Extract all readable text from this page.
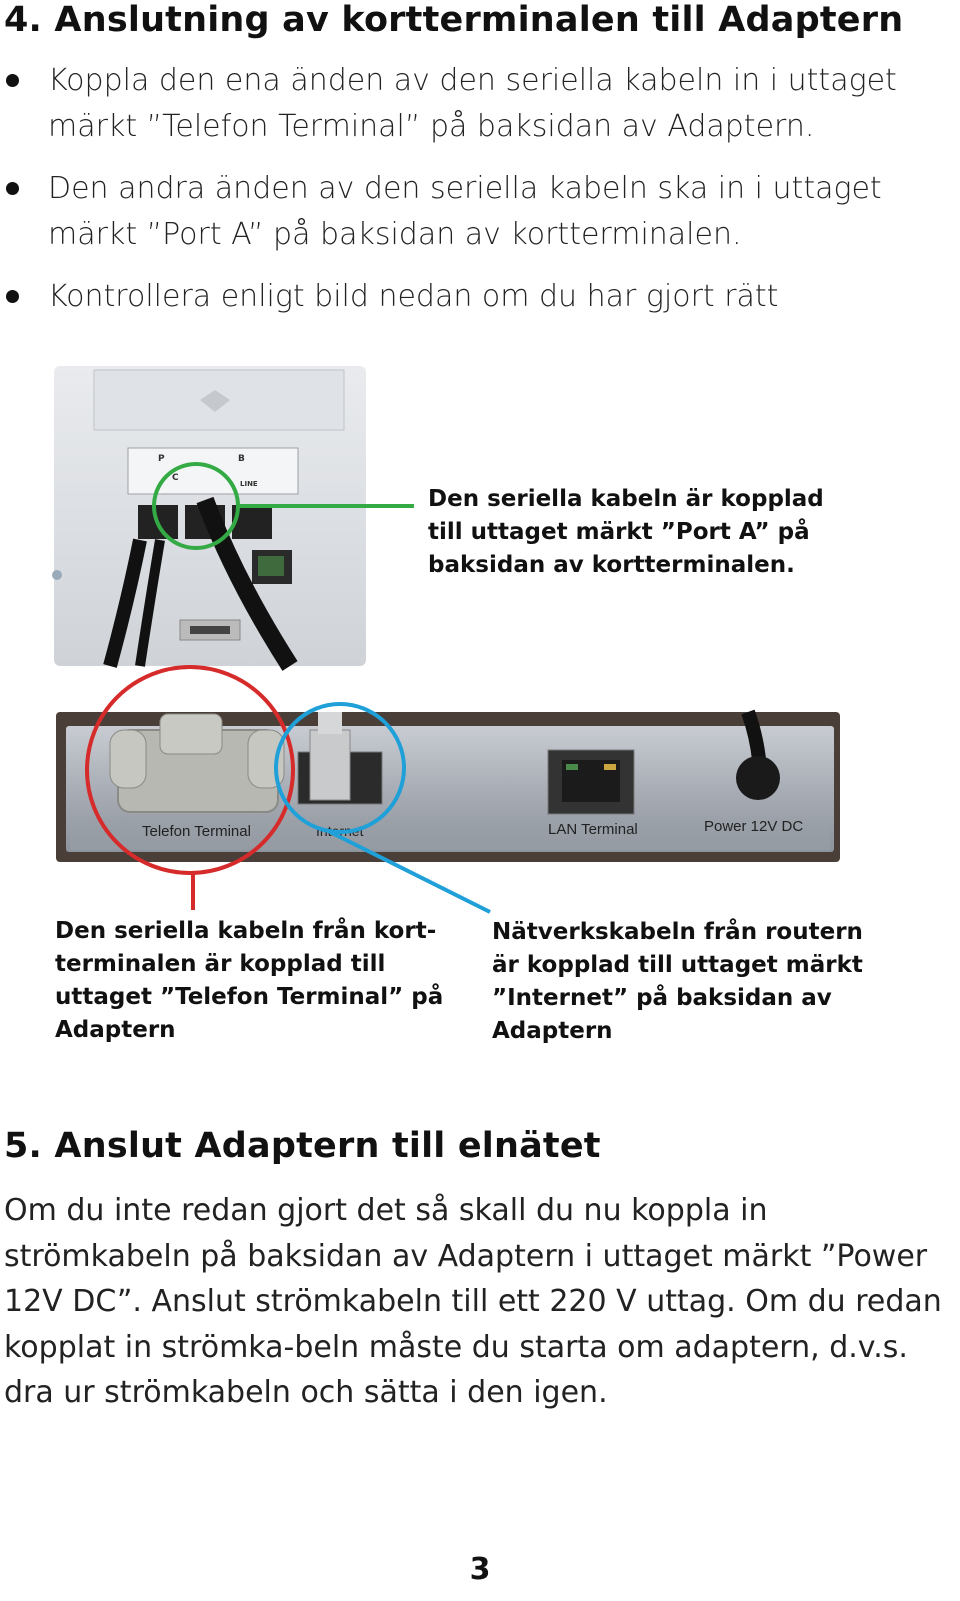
4. Anslutning av kortterminalen till Adaptern
Koppla den ena änden av den seriella kabeln in i uttaget märkt ”Telefon Terminal” på baksidan av Adaptern.
Den andra änden av den seriella kabeln ska in i uttaget märkt ”Port A” på baksidan av kortterminalen.
Kontrollera enligt bild nedan om du har gjort rätt
P	B
C
LINE
Telefon Terminal	Internet	LAN Terminal	Power 12V DC
Den seriella kabeln är kopplad till uttaget märkt ”Port A” på baksidan av kortterminalen.
Den seriella kabeln från kort-terminalen är kopplad till uttaget ”Telefon Terminal” på Adaptern
Nätverkskabeln från routern är kopplad till uttaget märkt ”Internet” på baksidan av Adaptern
5. Anslut Adaptern till elnätet
Om du inte redan gjort det så skall du nu koppla in strömkabeln på baksidan av Adaptern i uttaget märkt ”Power 12V DC”. Anslut strömkabeln till ett 220 V uttag. Om du redan kopplat in strömka-beln måste du starta om adaptern, d.v.s. dra ur strömkabeln och sätta i den igen.
3
